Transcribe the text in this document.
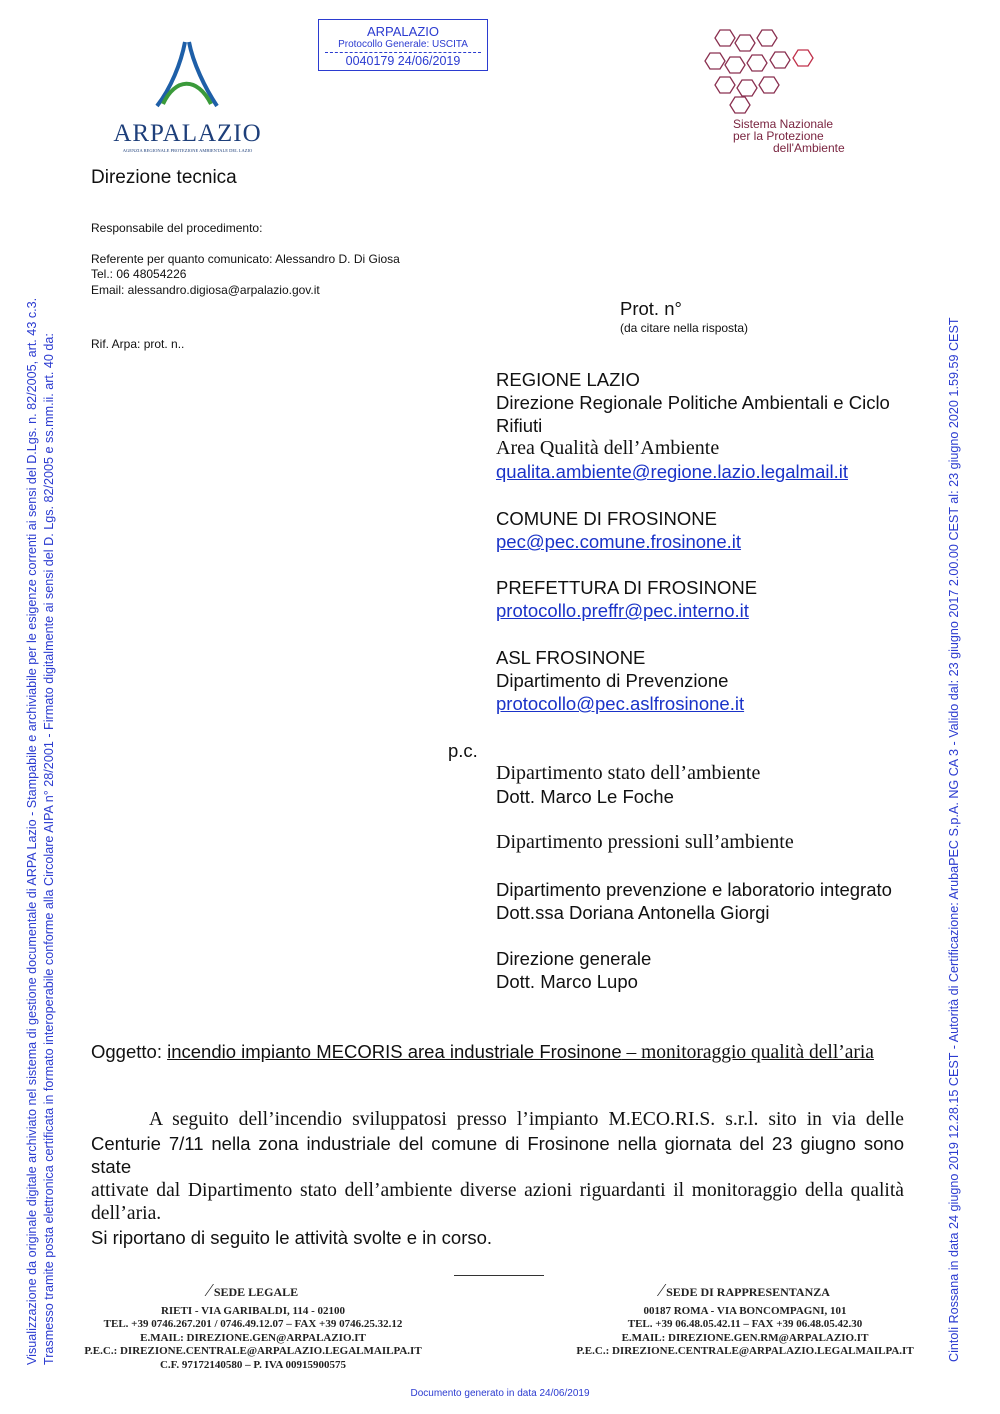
ARPALAZIO
Protocollo Generale: USCITA
0040179 24/06/2019
ARPALAZIO
AGENZIA REGIONALE PROTEZIONE AMBIENTALE DEL LAZIO
Sistema Nazionale
per la Protezione
dell'Ambiente
Direzione tecnica
Responsabile del procedimento:
Referente per quanto comunicato: Alessandro D. Di Giosa
Tel.: 06 48054226
Email: alessandro.digiosa@arpalazio.gov.it
Rif. Arpa: prot. n..
Prot. n°
(da citare nella risposta)
REGIONE LAZIO
Direzione Regionale Politiche Ambientali e Ciclo
Rifiuti
Area Qualità dell’Ambiente
qualita.ambiente@regione.lazio.legalmail.it
COMUNE DI FROSINONE
pec@pec.comune.frosinone.it
PREFETTURA DI FROSINONE
protocollo.preffr@pec.interno.it
ASL FROSINONE
Dipartimento di Prevenzione
protocollo@pec.aslfrosinone.it
p.c.
Dipartimento stato dell’ambiente
Dott. Marco Le Foche
Dipartimento pressioni sull’ambiente
Dipartimento prevenzione e laboratorio integrato
Dott.ssa Doriana Antonella Giorgi
Direzione generale
Dott. Marco Lupo
Oggetto: incendio impianto MECORIS area industriale Frosinone – monitoraggio qualità dell’aria
A seguito dell’incendio sviluppatosi presso l’impianto M.ECO.RI.S. s.r.l. sito in via delle
Centurie 7/11 nella zona industriale del comune di Frosinone nella giornata del 23 giugno sono state
attivate dal Dipartimento stato dell’ambiente diverse azioni riguardanti il monitoraggio della qualità
dell’aria.
Si riportano di seguito le attività svolte e in corso.
⁄ SEDE LEGALE
RIETI - VIA GARIBALDI, 114 - 02100
TEL. +39 0746.267.201 / 0746.49.12.07 – FAX +39 0746.25.32.12
E.MAIL: DIREZIONE.GEN@ARPALAZIO.IT
P.E.C.: DIREZIONE.CENTRALE@ARPALAZIO.LEGALMAILPA.IT
C.F. 97172140580 – P. IVA 00915900575
⁄ SEDE DI RAPPRESENTANZA
00187 ROMA - VIA BONCOMPAGNI, 101
TEL. +39 06.48.05.42.11 – FAX +39 06.48.05.42.30
E.MAIL: DIREZIONE.GEN.RM@ARPALAZIO.IT
P.E.C.: DIREZIONE.CENTRALE@ARPALAZIO.LEGALMAILPA.IT
Documento generato in data 24/06/2019
Visualizzazione da originale digitale archiviato nel sistema di gestione documentale di ARPA Lazio - Stampabile e archiviabile per le esigenze correnti ai sensi del D.Lgs. n. 82/2005, art. 43 c.3. Trasmesso tramite posta elettronica certificata in formato interoperabile conforme alla Circolare AIPA n° 28/2001 - Firmato digitalmente ai sensi del D. Lgs. 82/2005 e ss.mm.ii. art. 40 da:	Cintoli Rossana in data 24 giugno 2019 12.28.15 CEST - Autorità di Certificazione: ArubaPEC S.p.A. NG CA 3 - Valido dal: 23 giugno 2017 2.00.00 CEST al: 23 giugno 2020 1.59.59 CEST
